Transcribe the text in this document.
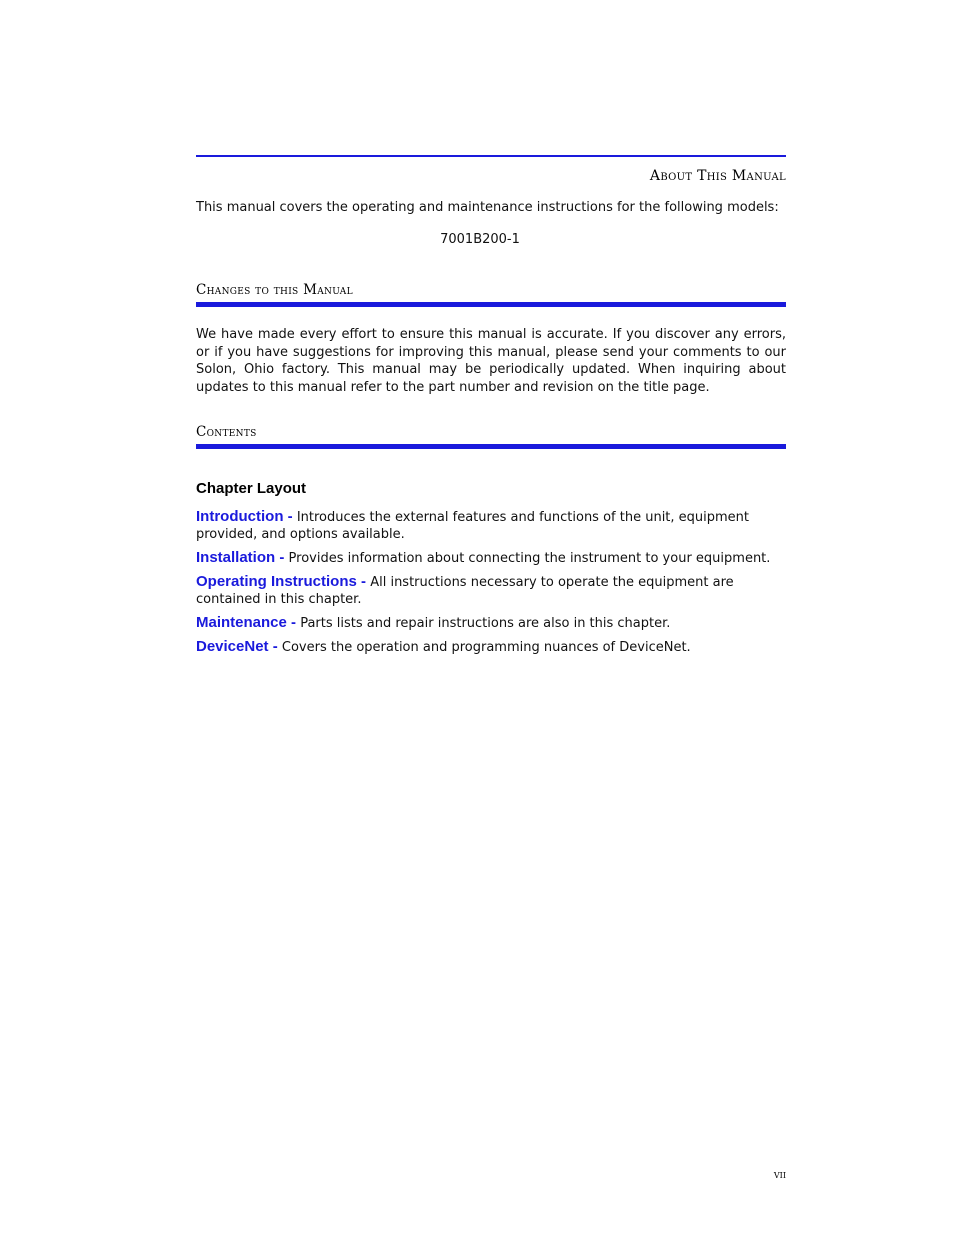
About This Manual
This manual covers the operating and maintenance instructions for the following models:
7001B200-1
Changes to this Manual
We have made every effort to ensure this manual is accurate. If you discover any errors, or if you have suggestions for improving this manual, please send your comments to our Solon, Ohio factory. This manual may be periodically updated. When inquiring about updates to this manual refer to the part number and revision on the title page.
Contents
Chapter Layout

Introduction - Introduces the external features and functions of the unit, equipment provided, and options available.

Installation - Provides information about connecting the instrument to your equipment.

Operating Instructions - All instructions necessary to operate the equipment are contained in this chapter.

Maintenance - Parts lists and repair instructions are also in this chapter.

DeviceNet - Covers the operation and programming nuances of DeviceNet.

vii
